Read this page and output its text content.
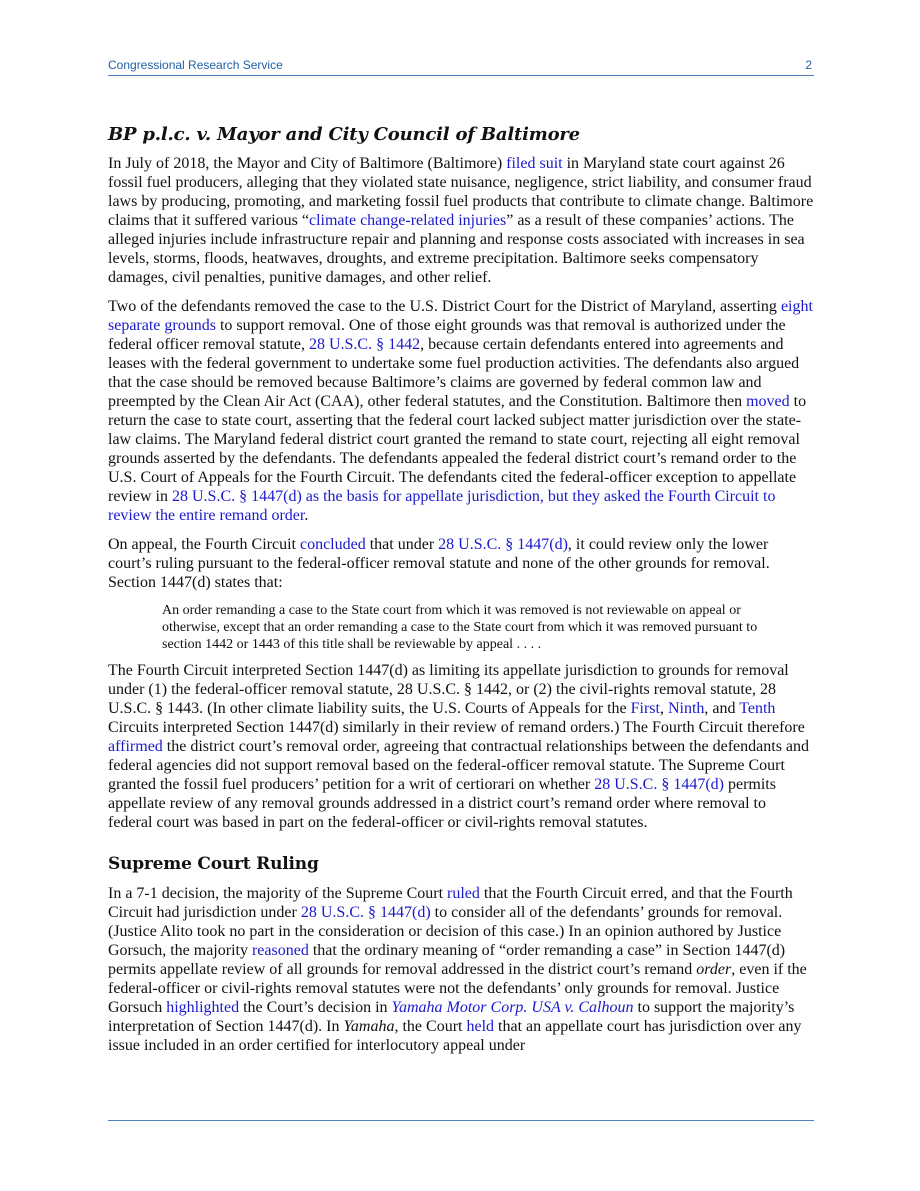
Congressional Research Service	2
BP p.l.c. v. Mayor and City Council of Baltimore

In July of 2018, the Mayor and City of Baltimore (Baltimore) filed suit in Maryland state court against 26 fossil fuel producers, alleging that they violated state nuisance, negligence, strict liability, and consumer fraud laws by producing, promoting, and marketing fossil fuel products that contribute to climate change. Baltimore claims that it suffered various “climate change-related injuries” as a result of these companies’ actions. The alleged injuries include infrastructure repair and planning and response costs associated with increases in sea levels, storms, floods, heatwaves, droughts, and extreme precipitation. Baltimore seeks compensatory damages, civil penalties, punitive damages, and other relief.

Two of the defendants removed the case to the U.S. District Court for the District of Maryland, asserting eight separate grounds to support removal. One of those eight grounds was that removal is authorized under the federal officer removal statute, 28 U.S.C. § 1442, because certain defendants entered into agreements and leases with the federal government to undertake some fuel production activities. The defendants also argued that the case should be removed because Baltimore’s claims are governed by federal common law and preempted by the Clean Air Act (CAA), other federal statutes, and the Constitution. Baltimore then moved to return the case to state court, asserting that the federal court lacked subject matter jurisdiction over the state-law claims. The Maryland federal district court granted the remand to state court, rejecting all eight removal grounds asserted by the defendants. The defendants appealed the federal district court’s remand order to the U.S. Court of Appeals for the Fourth Circuit. The defendants cited the federal-officer exception to appellate review in 28 U.S.C. § 1447(d) as the basis for appellate jurisdiction, but they asked the Fourth Circuit to review the entire remand order.

On appeal, the Fourth Circuit concluded that under 28 U.S.C. § 1447(d), it could review only the lower court’s ruling pursuant to the federal-officer removal statute and none of the other grounds for removal. Section 1447(d) states that:

An order remanding a case to the State court from which it was removed is not reviewable on appeal or otherwise, except that an order remanding a case to the State court from which it was removed pursuant to section 1442 or 1443 of this title shall be reviewable by appeal . . . .

The Fourth Circuit interpreted Section 1447(d) as limiting its appellate jurisdiction to grounds for removal under (1) the federal-officer removal statute, 28 U.S.C. § 1442, or (2) the civil-rights removal statute, 28 U.S.C. § 1443. (In other climate liability suits, the U.S. Courts of Appeals for the First, Ninth, and Tenth Circuits interpreted Section 1447(d) similarly in their review of remand orders.) The Fourth Circuit therefore affirmed the district court’s removal order, agreeing that contractual relationships between the defendants and federal agencies did not support removal based on the federal-officer removal statute. The Supreme Court granted the fossil fuel producers’ petition for a writ of certiorari on whether 28 U.S.C. § 1447(d) permits appellate review of any removal grounds addressed in a district court’s remand order where removal to federal court was based in part on the federal-officer or civil-rights removal statutes.

Supreme Court Ruling

In a 7-1 decision, the majority of the Supreme Court ruled that the Fourth Circuit erred, and that the Fourth Circuit had jurisdiction under 28 U.S.C. § 1447(d) to consider all of the defendants’ grounds for removal. (Justice Alito took no part in the consideration or decision of this case.) In an opinion authored by Justice Gorsuch, the majority reasoned that the ordinary meaning of “order remanding a case” in Section 1447(d) permits appellate review of all grounds for removal addressed in the district court’s remand order, even if the federal-officer or civil-rights removal statutes were not the defendants’ only grounds for removal. Justice Gorsuch highlighted the Court’s decision in Yamaha Motor Corp. USA v. Calhoun to support the majority’s interpretation of Section 1447(d). In Yamaha, the Court held that an appellate court has jurisdiction over any issue included in an order certified for interlocutory appeal under
